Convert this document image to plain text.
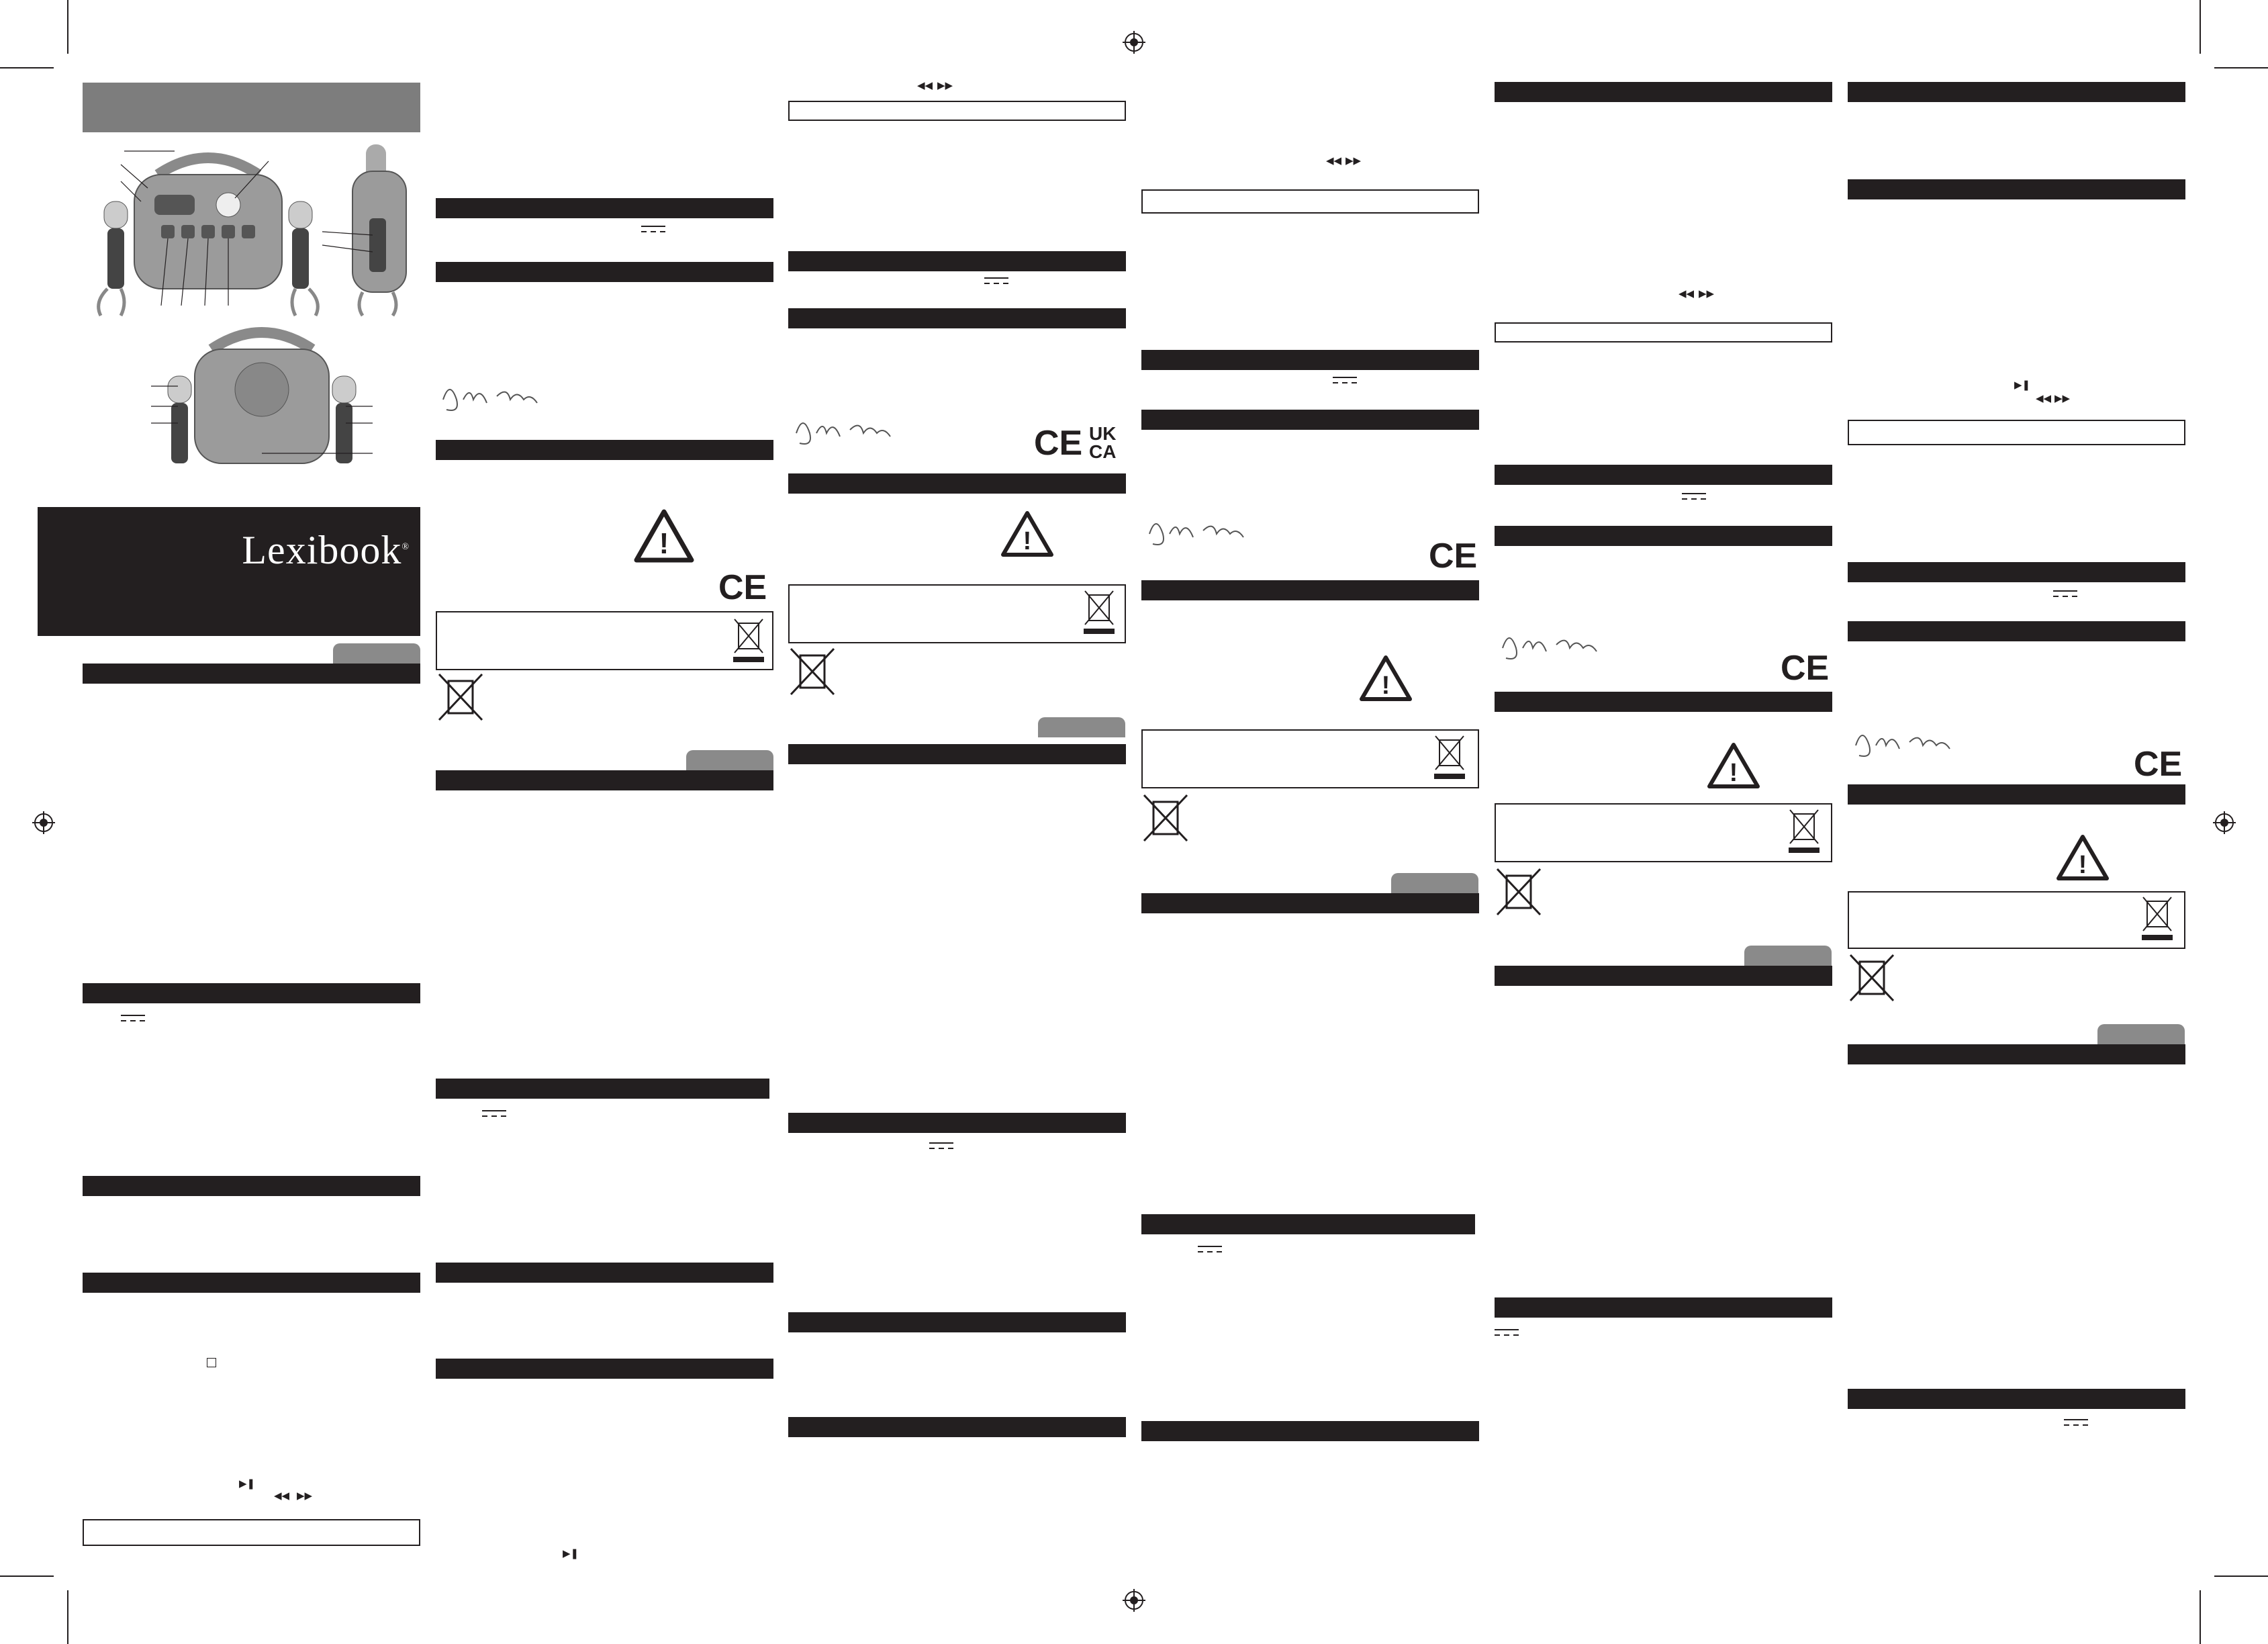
Lexibook®
▶❚
◀◀ ▶▶
!
CE
▶❚
◀◀ ▶▶
CE UK
CA
!
◀◀ ▶▶
CE
!
◀◀ ▶▶
CE
!
▶❚
◀◀ ▶▶
CE
!
